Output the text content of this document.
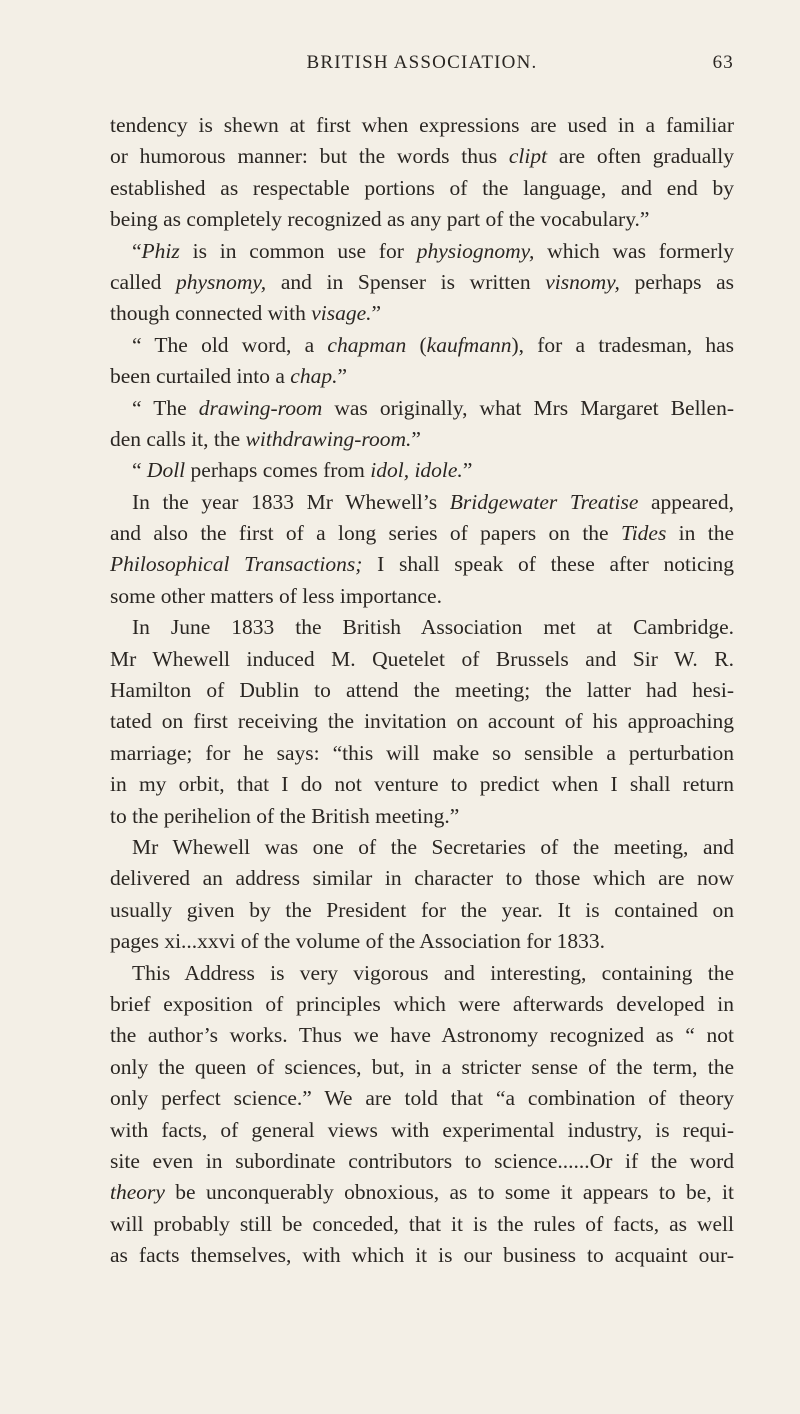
BRITISH ASSOCIATION.	63
tendency is shewn at first when expressions are used in a familiar
or humorous manner: but the words thus clipt are often gradually
established as respectable portions of the language, and end by
being as completely recognized as any part of the vocabulary.”
“Phiz is in common use for physiognomy, which was formerly
called physnomy, and in Spenser is written visnomy, perhaps as
though connected with visage.”
“ The old word, a chapman (kaufmann), for a tradesman, has
been curtailed into a chap.”
“ The drawing-room was originally, what Mrs Margaret Bellen-
den calls it, the withdrawing-room.”
“ Doll perhaps comes from idol, idole.”
In the year 1833 Mr Whewell’s Bridgewater Treatise appeared,
and also the first of a long series of papers on the Tides in the
Philosophical Transactions; I shall speak of these after noticing
some other matters of less importance.
In June 1833 the British Association met at Cambridge.
Mr Whewell induced M. Quetelet of Brussels and Sir W. R.
Hamilton of Dublin to attend the meeting; the latter had hesi-
tated on first receiving the invitation on account of his approaching
marriage; for he says: “this will make so sensible a perturbation
in my orbit, that I do not venture to predict when I shall return
to the perihelion of the British meeting.”
Mr Whewell was one of the Secretaries of the meeting, and
delivered an address similar in character to those which are now
usually given by the President for the year. It is contained on
pages xi...xxvi of the volume of the Association for 1833.
This Address is very vigorous and interesting, containing the
brief exposition of principles which were afterwards developed in
the author’s works. Thus we have Astronomy recognized as “ not
only the queen of sciences, but, in a stricter sense of the term, the
only perfect science.” We are told that “a combination of theory
with facts, of general views with experimental industry, is requi-
site even in subordinate contributors to science......Or if the word
theory be unconquerably obnoxious, as to some it appears to be, it
will probably still be conceded, that it is the rules of facts, as well
as facts themselves, with which it is our business to acquaint our-
